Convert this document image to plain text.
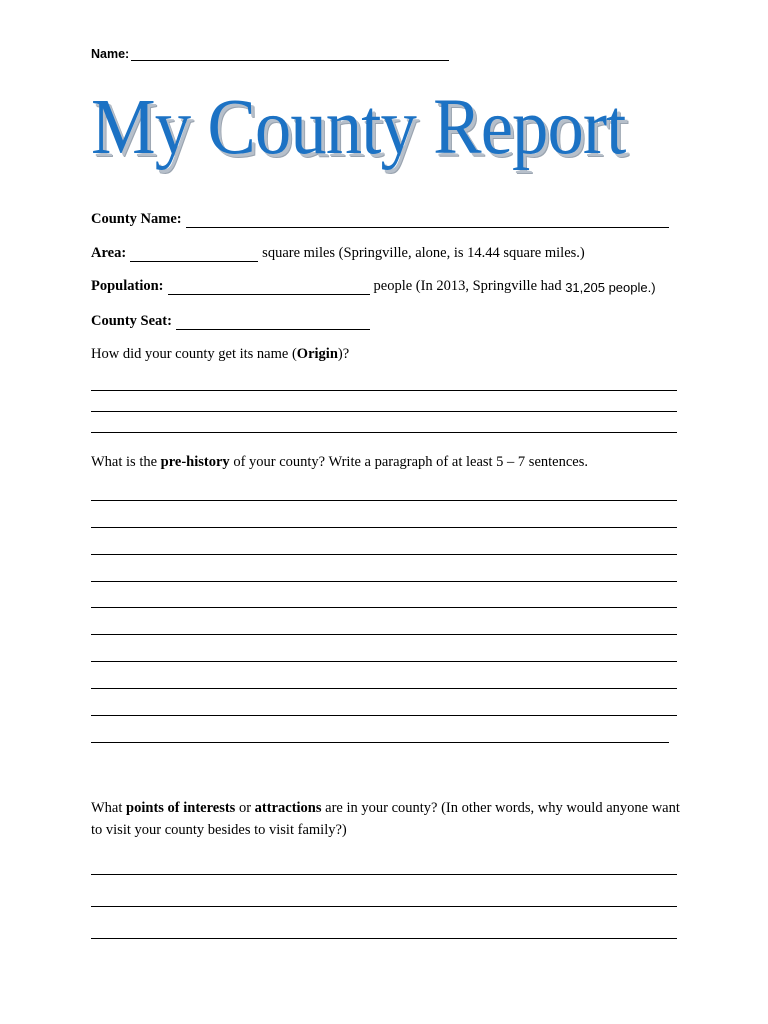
Name:
My County Report
County Name:
Area:	square miles (Springville, alone, is 14.44 square miles.)
Population:	people (In 2013, Springville had 31,205 people.)
County Seat:
How did your county get its name (Origin)?
What is the pre-history of your county? Write a paragraph of at least 5 – 7 sentences.
What points of interests or attractions are in your county? (In other words, why would anyone want to visit your county besides to visit family?)
